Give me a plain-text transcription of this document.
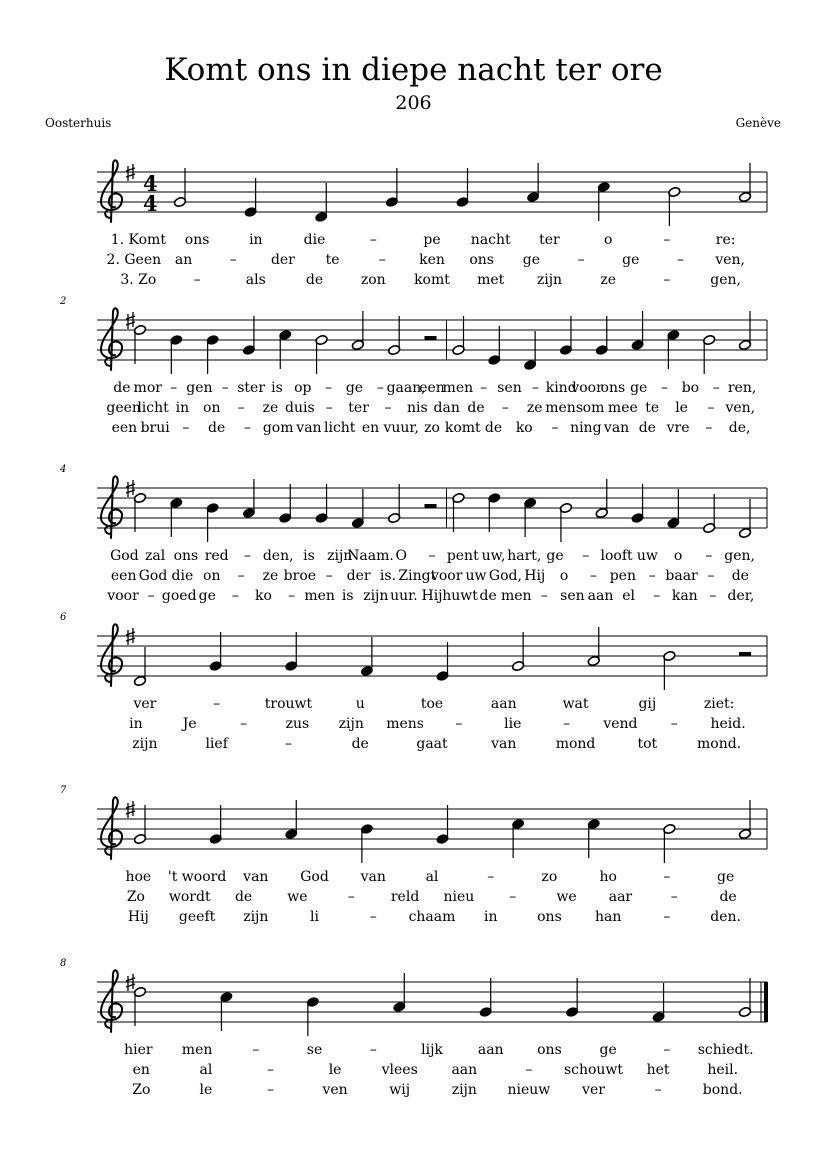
Komt ons in diepe nacht ter ore
206
Oosterhuis	Genève
4
4
1. Komt ons	in	die	–	pe nacht ter	o	–	re:
2. Geen an	– der te	– ken ons ge	–	ge	– ven,
3. Zo	–	als	de	zon komt met zijn	ze	–	gen,
2
de mor – gen – ster is op – ge – gaan,
een
men – sen – kind
voor
ons ge – bo – ren,
geen
licht in on – ze duis – ter – nis dan de – ze mens om mee te le – ven,
een brui – de – gom van licht en vuur, zo komt de ko – ning van de vre – de,
4
God zal ons red – den, is zijn
Naam. O – pent uw, hart, ge – looft uw o – gen,
een God die on – ze broe – der is. Zingt
voor uw God, Hij o – pen – baar – de
voor – goed ge – ko – men is zijn uur. Hij huwt de men – sen aan el – kan – der,
6
ver	–	trouwt	u	toe	aan	wat	gij	ziet:
in	Je	–	zus zijn mens –	lie	– vend – heid.
zijn	lief	–	de	gaat	van	mond	tot	mond.
7
hoe 't woord van God van	al	–	zo	ho	–	ge
Zo wordt de	we	–	reld nieu –	we aar	–	de
Hij geeft zijn	li	– chaam in	ons han	–	den.
8
hier men	–	se	–	lijk aan ons	ge	– schiedt.
en	al	–	le	vlees aan	– schouwt het	heil.
Zo	le	–	ven	wij	zijn nieuw ver	–	bond.
